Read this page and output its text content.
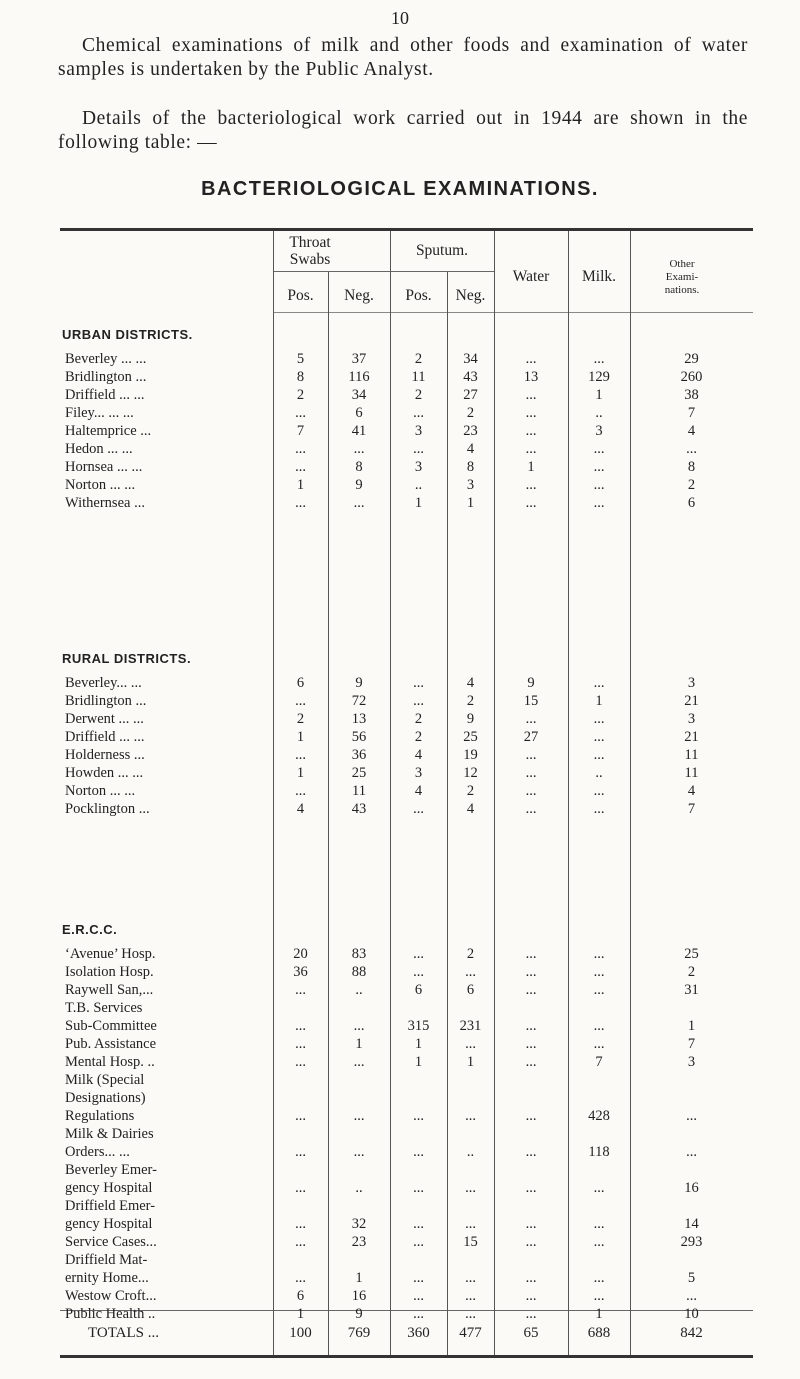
10
Chemical examinations of milk and other foods and examination of water samples is undertaken by the Public Analyst.
Details of the bacteriological work carried out in 1944 are shown in the following table: —
BACTERIOLOGICAL EXAMINATIONS.
Throat Swabs
Sputum.
Water	Milk.
Other Exami-nations.
Pos.	Neg.	Pos.	Neg.
TOTALS ...	100	769	360	477	65	688	842
URBAN DISTRICTS.
Beverley ... ...	5	37	2	34	...	...	29
Bridlington ...	8	116	11	43	13	129	260
Driffield ... ...	2	34	2	27	...	1	38
Filey... ... ...	...	6	...	2	...	..	7
Haltemprice ...	7	41	3	23	...	3	4
Hedon ... ...	...	...	...	4	...	...	...
Hornsea ... ...	...	8	3	8	1	...	8
Norton ... ...	1	9	..	3	...	...	2
Withernsea ...	...	...	1	1	...	...	6
RURAL DISTRICTS.
Beverley... ...	6	9	...	4	9	...	3
Bridlington ...	...	72	...	2	15	1	21
Derwent ... ...	2	13	2	9	...	...	3
Driffield ... ...	1	56	2	25	27	...	21
Holderness ...	...	36	4	19	...	...	11
Howden ... ...	1	25	3	12	...	..	11
Norton ... ...	...	11	4	2	...	...	4
Pocklington ...	4	43	...	4	...	...	7
E.R.C.C.
‘Avenue’ Hosp.	20	83	...	2	...	...	25
Isolation Hosp.	36	88	...	...	...	...	2
Raywell San,...	...	..	6	6	...	...	31
T.B. Services
Sub-Committee	...	...	315	231	...	...	1
Pub. Assistance	...	1	1	...	...	...	7
Mental Hosp. ..	...	...	1	1	...	7	3
Milk (Special
Designations)
Regulations	...	...	...	...	...	428	...
Milk & Dairies
Orders... ...	...	...	...	..	...	118	...
Beverley Emer-
gency Hospital	...	..	...	...	...	...	16
Driffield Emer-
gency Hospital	...	32	...	...	...	...	14
Service Cases...	...	23	...	15	...	...	293
Driffield Mat-
ernity Home...	...	1	...	...	...	...	5
Westow Croft...	6	16	...	...	...	...	...
Public Health ..	1	9	...	...	...	1	10
